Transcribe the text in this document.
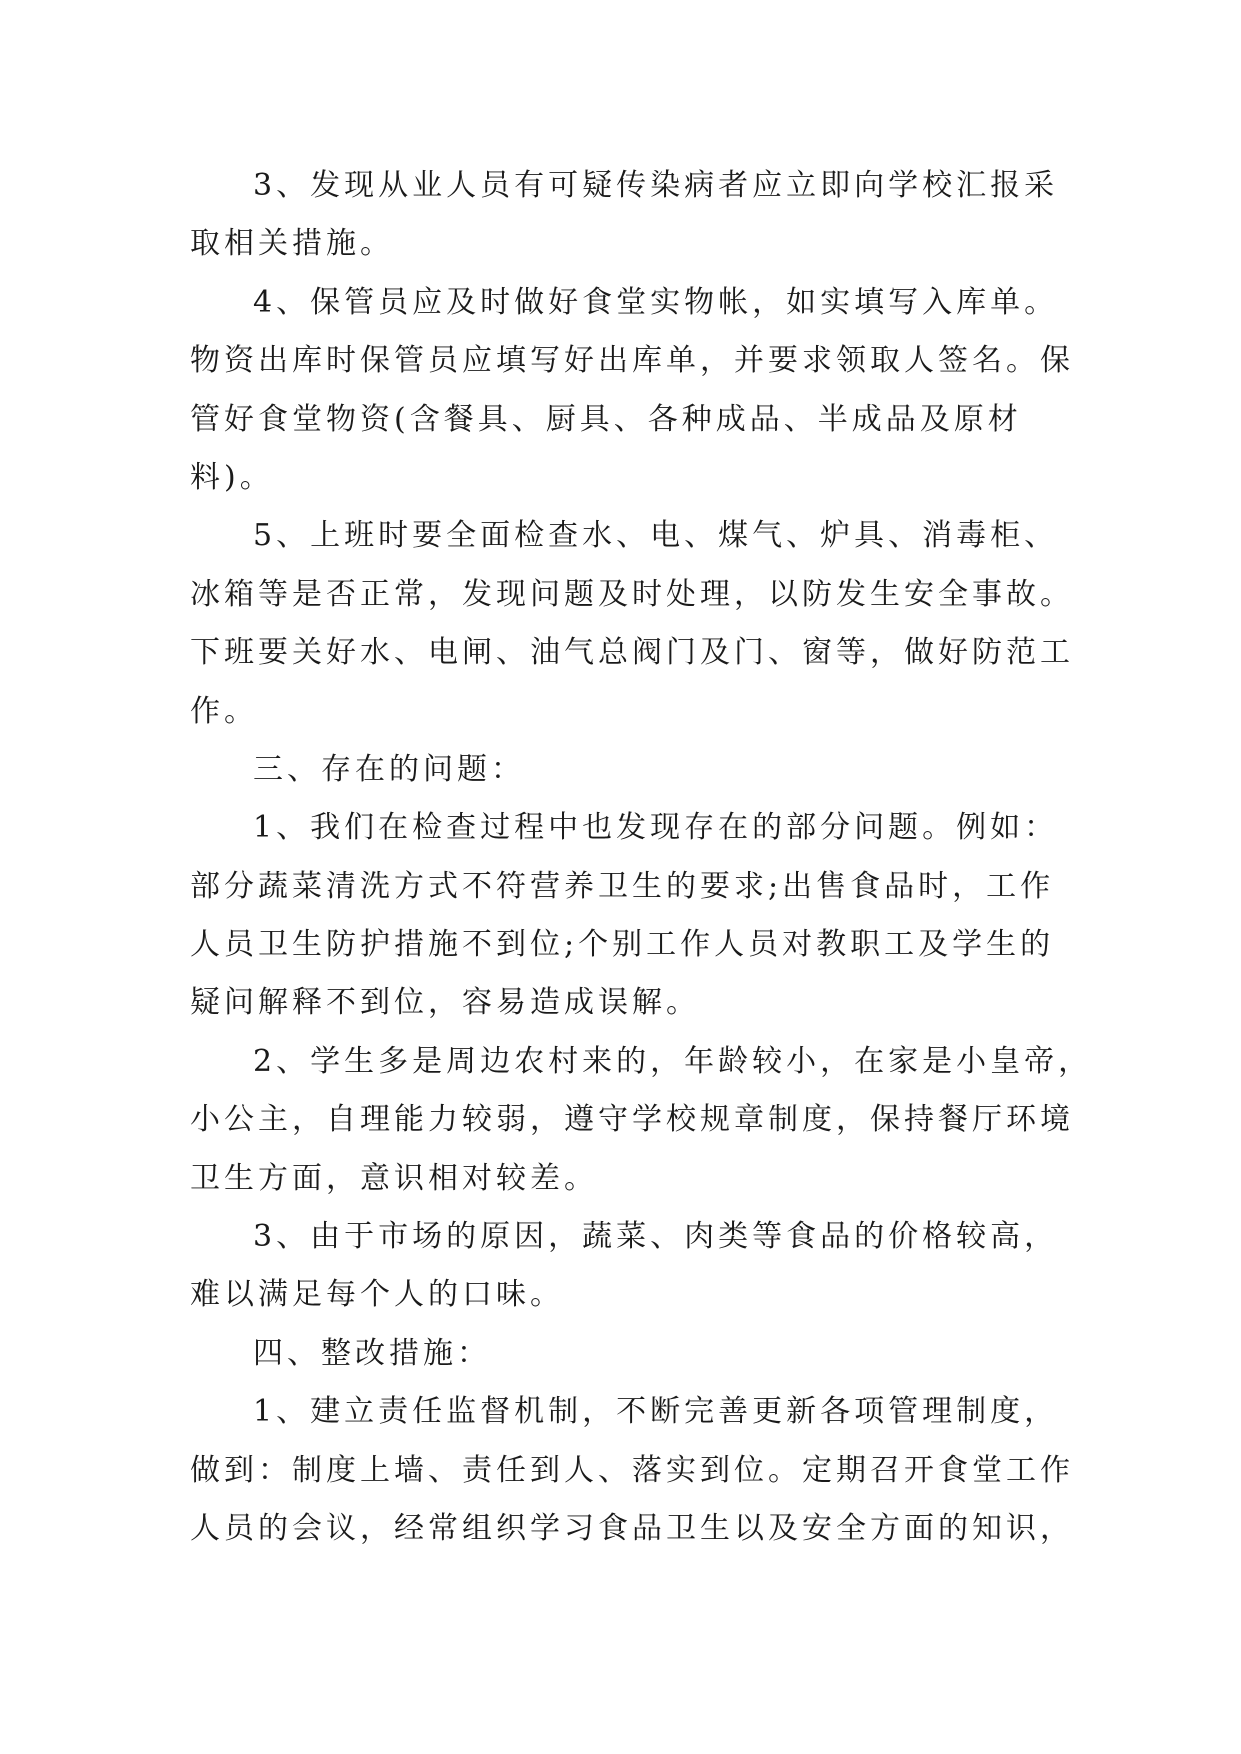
3、发现从业人员有可疑传染病者应立即向学校汇报采
取相关措施。
4、保管员应及时做好食堂实物帐，如实填写入库单。
物资出库时保管员应填写好出库单，并要求领取人签名。保
管好食堂物资(含餐具、厨具、各种成品、半成品及原材
料)。
5、上班时要全面检查水、电、煤气、炉具、消毒柜、
冰箱等是否正常，发现问题及时处理，以防发生安全事故。
下班要关好水、电闸、油气总阀门及门、窗等，做好防范工
作。
三、存在的问题：
1、我们在检查过程中也发现存在的部分问题。例如：
部分蔬菜清洗方式不符营养卫生的要求;出售食品时，工作
人员卫生防护措施不到位;个别工作人员对教职工及学生的
疑问解释不到位，容易造成误解。
2、学生多是周边农村来的，年龄较小，在家是小皇帝，
小公主，自理能力较弱，遵守学校规章制度，保持餐厅环境
卫生方面，意识相对较差。
3、由于市场的原因，蔬菜、肉类等食品的价格较高，
难以满足每个人的口味。
四、整改措施：
1、建立责任监督机制，不断完善更新各项管理制度，
做到：制度上墙、责任到人、落实到位。定期召开食堂工作
人员的会议，经常组织学习食品卫生以及安全方面的知识，
